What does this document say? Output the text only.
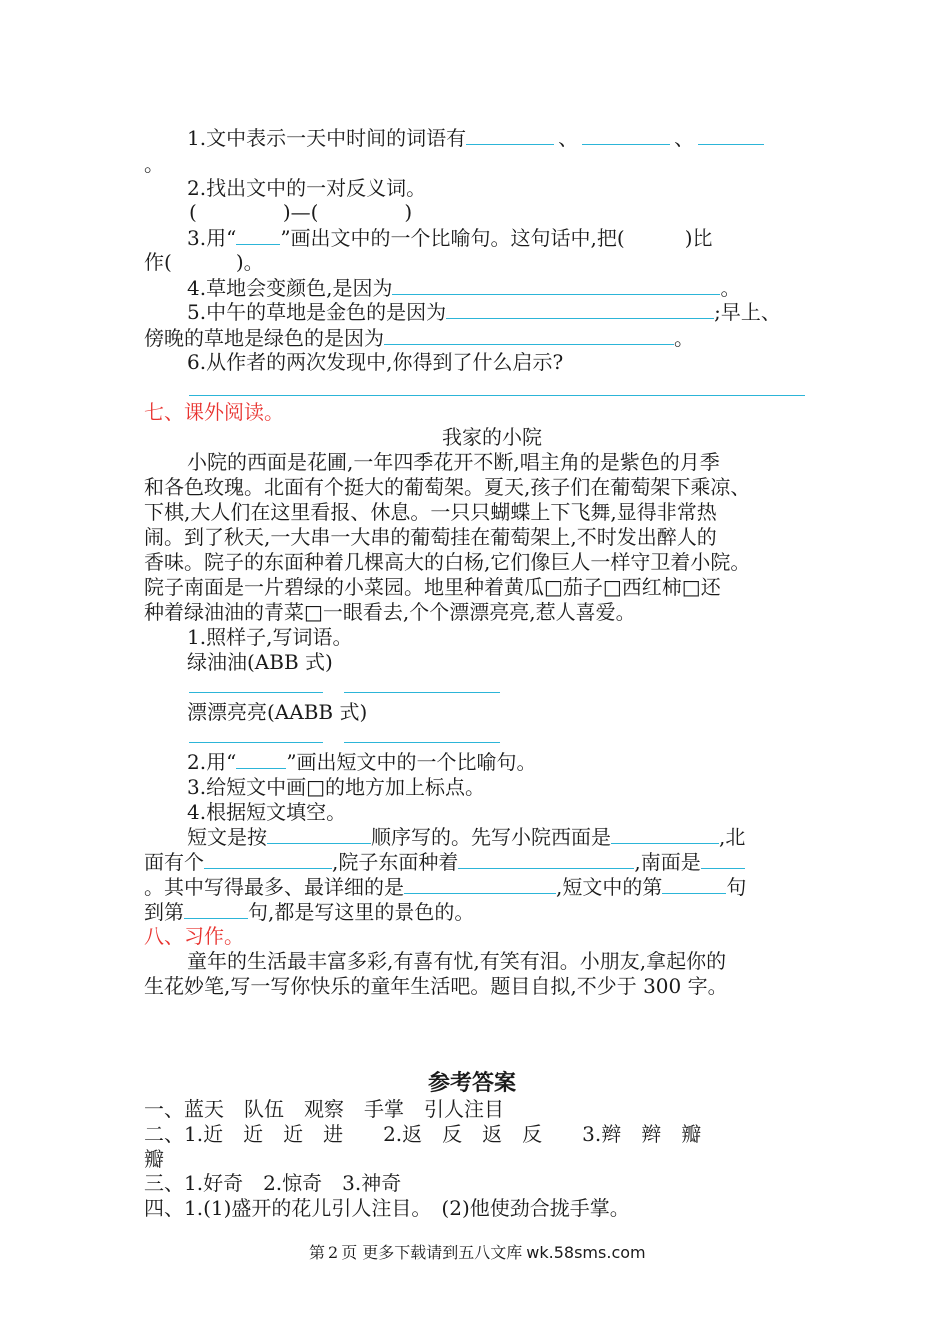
1.文中表示一天中时间的词语有	、	、
。
2.找出文中的一对反义词。
(	)—(	)
3.用“ ”画出文中的一个比喻句。这句话中,把(	)比
作(	)。
4.草地会变颜色,是因为	。
5.中午的草地是金色的是因为	;早上、
傍晚的草地是绿色的是因为	。
6.从作者的两次发现中,你得到了什么启示?
七、课外阅读。
我家的小院
小院的西面是花圃,一年四季花开不断,唱主角的是紫色的月季
和各色玫瑰。北面有个挺大的葡萄架。夏天,孩子们在葡萄架下乘凉、
下棋,大人们在这里看报、休息。一只只蝴蝶上下飞舞,显得非常热
闹。到了秋天,一大串一大串的葡萄挂在葡萄架上,不时发出醉人的
香味。院子的东面种着几棵高大的白杨,它们像巨人一样守卫着小院。
院子南面是一片碧绿的小菜园。地里种着黄瓜□茄子□西红柿□还
种着绿油油的青菜□一眼看去,个个漂漂亮亮,惹人喜爱。
1.照样子,写词语。
绿油油(ABB 式)
漂漂亮亮(AABB 式)
2.用“	”画出短文中的一个比喻句。
3.给短文中画□的地方加上标点。
4.根据短文填空。
短文是按	顺序写的。先写小院西面是	,北
面有个	,院子东面种着	,南面是
。其中写得最多、最详细的是	,短文中的第	句
到第	句,都是写这里的景色的。
八、习作。
童年的生活最丰富多彩,有喜有忧,有笑有泪。小朋友,拿起你的
生花妙笔,写一写你快乐的童年生活吧。题目自拟,不少于 300 字。
参考答案
一、蓝天　队伍　观察　手掌　引人注目
二、1.近　近　近　进　　2.返　反　返　反　　3.辫　辫　瓣
瓣
三、1.好奇　2.惊奇　3.神奇
四、1.(1)盛开的花儿引人注目。　(2)他使劲合拢手掌。
第 2 页 更多下载请到五八文库 wk.58sms.com
